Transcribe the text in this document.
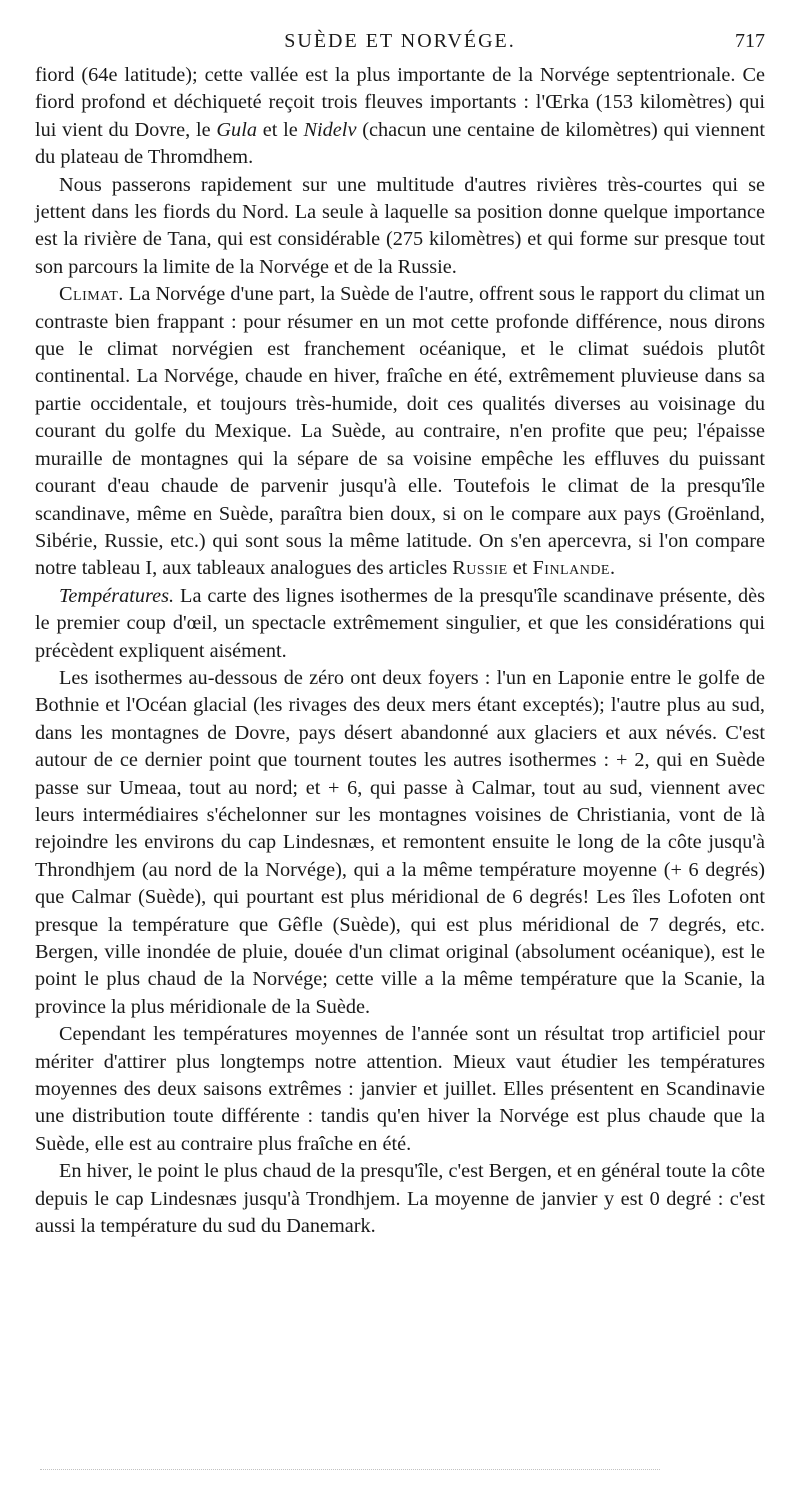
SUÈDE ET NORVÉGE.	717

fiord (64e latitude); cette vallée est la plus importante de la Norvége septentrionale. Ce fiord profond et déchiqueté reçoit trois fleuves importants : l'Œrka (153 kilomètres) qui lui vient du Dovre, le Gula et le Nidelv (chacun une centaine de kilomètres) qui viennent du plateau de Thromdhem.

Nous passerons rapidement sur une multitude d'autres rivières très-courtes qui se jettent dans les fiords du Nord. La seule à laquelle sa position donne quelque importance est la rivière de Tana, qui est considérable (275 kilomètres) et qui forme sur presque tout son parcours la limite de la Norvége et de la Russie.

Climat. La Norvége d'une part, la Suède de l'autre, offrent sous le rapport du climat un contraste bien frappant : pour résumer en un mot cette profonde différence, nous dirons que le climat norvégien est franchement océanique, et le climat suédois plutôt continental. La Norvége, chaude en hiver, fraîche en été, extrêmement pluvieuse dans sa partie occidentale, et toujours très-humide, doit ces qualités diverses au voisinage du courant du golfe du Mexique. La Suède, au contraire, n'en profite que peu; l'épaisse muraille de montagnes qui la sépare de sa voisine empêche les effluves du puissant courant d'eau chaude de parvenir jusqu'à elle. Toutefois le climat de la presqu'île scandinave, même en Suède, paraîtra bien doux, si on le compare aux pays (Groënland, Sibérie, Russie, etc.) qui sont sous la même latitude. On s'en apercevra, si l'on compare notre tableau I, aux tableaux analogues des articles Russie et Finlande.

Températures. La carte des lignes isothermes de la presqu'île scandinave présente, dès le premier coup d'œil, un spectacle extrêmement singulier, et que les considérations qui précèdent expliquent aisément.

Les isothermes au-dessous de zéro ont deux foyers : l'un en Laponie entre le golfe de Bothnie et l'Océan glacial (les rivages des deux mers étant exceptés); l'autre plus au sud, dans les montagnes de Dovre, pays désert abandonné aux glaciers et aux névés. C'est autour de ce dernier point que tournent toutes les autres isothermes : + 2, qui en Suède passe sur Umeaa, tout au nord; et + 6, qui passe à Calmar, tout au sud, viennent avec leurs intermédiaires s'échelonner sur les montagnes voisines de Christiania, vont de là rejoindre les environs du cap Lindesnæs, et remontent ensuite le long de la côte jusqu'à Throndhjem (au nord de la Norvége), qui a la même température moyenne (+ 6 degrés) que Calmar (Suède), qui pourtant est plus méridional de 6 degrés! Les îles Lofoten ont presque la température que Gêfle (Suède), qui est plus méridional de 7 degrés, etc. Bergen, ville inondée de pluie, douée d'un climat original (absolument océanique), est le point le plus chaud de la Norvége; cette ville a la même température que la Scanie, la province la plus méridionale de la Suède.

Cependant les températures moyennes de l'année sont un résultat trop artificiel pour mériter d'attirer plus longtemps notre attention. Mieux vaut étudier les températures moyennes des deux saisons extrêmes : janvier et juillet. Elles présentent en Scandinavie une distribution toute différente : tandis qu'en hiver la Norvége est plus chaude que la Suède, elle est au contraire plus fraîche en été.

En hiver, le point le plus chaud de la presqu'île, c'est Bergen, et en général toute la côte depuis le cap Lindesnæs jusqu'à Trondhjem. La moyenne de janvier y est 0 degré : c'est aussi la température du sud du Danemark.
